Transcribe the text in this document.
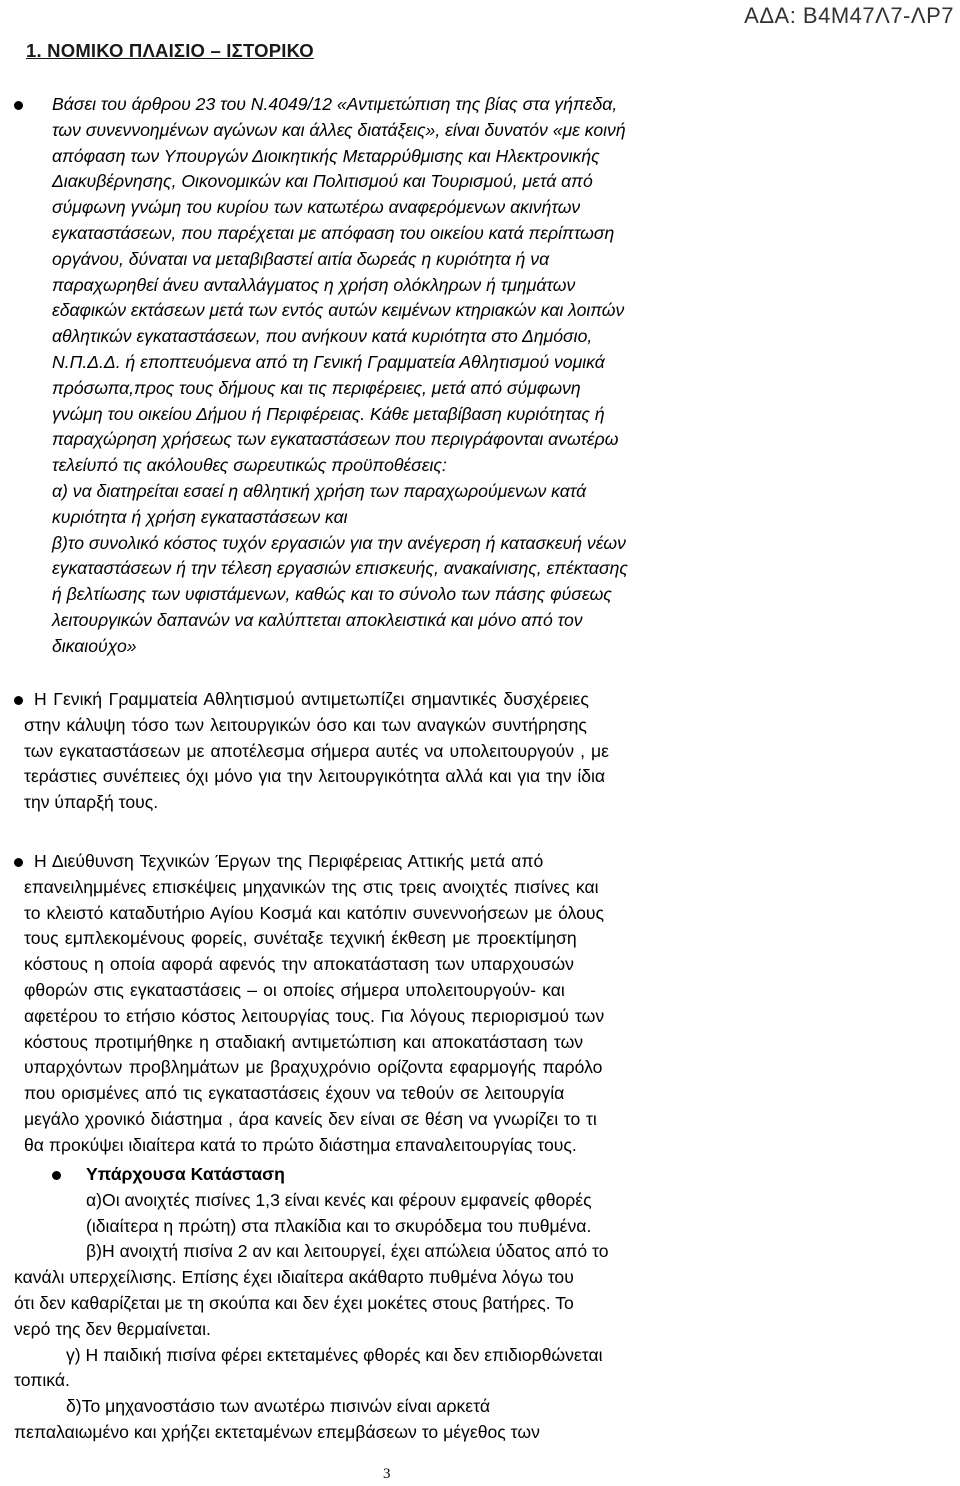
ΑΔΑ: Β4Μ47Λ7-ΛΡ7
1. ΝΟΜΙΚΟ ΠΛΑΙΣΙΟ – ΙΣΤΟΡΙΚΟ
Βάσει του άρθρου 23 του Ν.4049/12 «Αντιμετώπιση της βίας στα γήπεδα,
των συνεννοημένων αγώνων και άλλες διατάξεις», είναι δυνατόν «με κοινή
απόφαση των Υπουργών Διοικητικής Μεταρρύθμισης και Ηλεκτρονικής
Διακυβέρνησης, Οικονομικών και Πολιτισμού και Τουρισμού, μετά από
σύμφωνη γνώμη του κυρίου των κατωτέρω αναφερόμενων ακινήτων
εγκαταστάσεων, που παρέχεται με απόφαση του οικείου κατά περίπτωση
οργάνου, δύναται να μεταβιβαστεί αιτία δωρεάς η κυριότητα ή να
παραχωρηθεί άνευ ανταλλάγματος η χρήση ολόκληρων ή τμημάτων
εδαφικών εκτάσεων μετά των εντός αυτών κειμένων κτηριακών και λοιπών
αθλητικών εγκαταστάσεων, που ανήκουν κατά κυριότητα στο Δημόσιο,
Ν.Π.Δ.Δ. ή εποπτευόμενα από τη Γενική Γραμματεία Αθλητισμού νομικά
πρόσωπα,προς τους δήμους και τις περιφέρειες, μετά από σύμφωνη
γνώμη του οικείου Δήμου ή Περιφέρειας. Κάθε μεταβίβαση κυριότητας ή
παραχώρηση χρήσεως των εγκαταστάσεων που περιγράφονται ανωτέρω
τελείυπό τις ακόλουθες σωρευτικώς προϋποθέσεις:
α) να διατηρείται εσαεί η αθλητική χρήση των παραχωρούμενων κατά
κυριότητα ή χρήση εγκαταστάσεων και
β)το συνολικό κόστος τυχόν εργασιών για την ανέγερση ή κατασκευή νέων
εγκαταστάσεων ή την τέλεση εργασιών επισκευής, ανακαίνισης, επέκτασης
ή βελτίωσης των υφιστάμενων, καθώς και το σύνολο των πάσης φύσεως
λειτουργικών δαπανών να καλύπτεται αποκλειστικά και μόνο από τον
δικαιούχο»
Η Γενική Γραμματεία Αθλητισμού αντιμετωπίζει σημαντικές δυσχέρειες
στην κάλυψη τόσο των λειτουργικών όσο και των αναγκών συντήρησης
των εγκαταστάσεων με αποτέλεσμα σήμερα αυτές να υπολειτουργούν , με
τεράστιες συνέπειες όχι μόνο για την λειτουργικότητα αλλά και για την ίδια
την ύπαρξή τους.
Η Διεύθυνση Τεχνικών Έργων της Περιφέρειας Αττικής μετά από
επανειλημμένες επισκέψεις μηχανικών της στις τρεις ανοιχτές πισίνες και
το κλειστό καταδυτήριο Αγίου Κοσμά και κατόπιν συνεννοήσεων με όλους
τους εμπλεκομένους φορείς, συνέταξε τεχνική έκθεση με προεκτίμηση
κόστους η οποία αφορά αφενός την αποκατάσταση των υπαρχουσών
φθορών στις εγκαταστάσεις – οι οποίες σήμερα υπολειτουργούν- και
αφετέρου το ετήσιο κόστος λειτουργίας τους. Για λόγους περιορισμού των
κόστους προτιμήθηκε η σταδιακή αντιμετώπιση και αποκατάσταση των
υπαρχόντων προβλημάτων με βραχυχρόνιο ορίζοντα εφαρμογής παρόλο
που ορισμένες από τις εγκαταστάσεις έχουν να τεθούν σε λειτουργία
μεγάλο χρονικό διάστημα , άρα κανείς δεν είναι σε θέση να γνωρίζει το τι
θα προκύψει ιδιαίτερα κατά το πρώτο διάστημα επαναλειτουργίας τους.
Υπάρχουσα Κατάσταση
α)Οι ανοιχτές πισίνες 1,3 είναι κενές και φέρουν εμφανείς φθορές
(ιδιαίτερα η πρώτη) στα πλακίδια και το σκυρόδεμα του πυθμένα.
β)Η ανοιχτή πισίνα 2 αν και λειτουργεί, έχει απώλεια ύδατος από το
κανάλι υπερχείλισης. Επίσης έχει ιδιαίτερα ακάθαρτο πυθμένα λόγω του
ότι δεν καθαρίζεται με τη σκούπα και δεν έχει μοκέτες στους βατήρες. Το
νερό της δεν θερμαίνεται.
γ) Η παιδική πισίνα φέρει εκτεταμένες φθορές και δεν επιδιορθώνεται
τοπικά.
δ)Το μηχανοστάσιο των ανωτέρω πισινών είναι αρκετά
πεπαλαιωμένο και χρήζει εκτεταμένων επεμβάσεων το μέγεθος των
3
